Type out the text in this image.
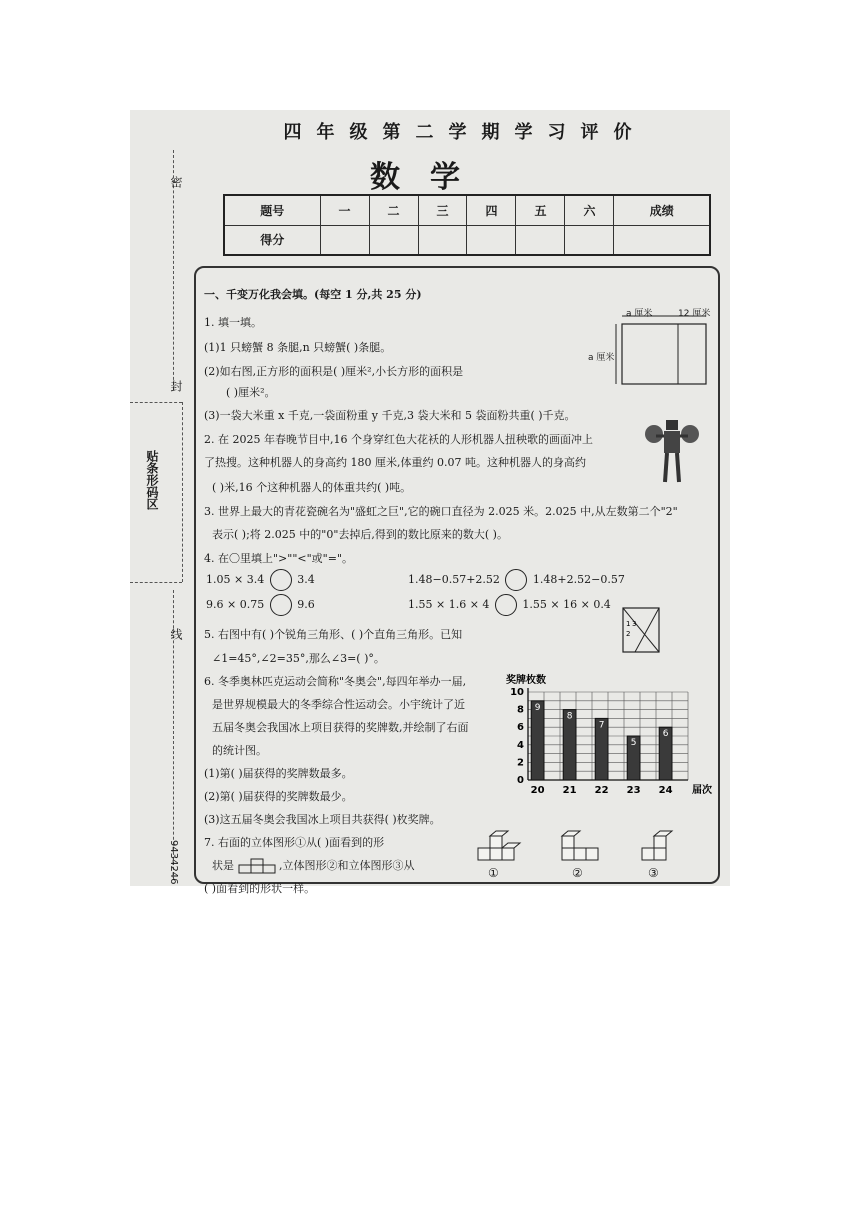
密
封
贴条形码区
线
9434246
四年级第二学期学习评价
数学
题号	一	二	三	四	五	六	成绩
得分							
一、千变万化我会填。(每空 1 分,共 25 分)
1. 填一填。
(1)1 只螃蟹 8 条腿,n 只螃蟹( )条腿。
(2)如右图,正方形的面积是( )厘米²,小长方形的面积是
( )厘米²。
(3)一袋大米重 x 千克,一袋面粉重 y 千克,3 袋大米和 5 袋面粉共重( )千克。
a 厘米	12 厘米
a 厘米
2. 在 2025 年春晚节目中,16 个身穿红色大花袄的人形机器人扭秧歌的画面冲上
了热搜。这种机器人的身高约 180 厘米,体重约 0.07 吨。这种机器人的身高约
( )米,16 个这种机器人的体重共约( )吨。
3. 世界上最大的青花瓷碗名为"盛虹之巨",它的碗口直径为 2.025 米。2.025 中,从左数第二个"2"
表示( );将 2.025 中的"0"去掉后,得到的数比原来的数大( )。
4. 在〇里填上">""<"或"="。
1.05 × 3.4	3.4	1.48−0.57+2.52	1.48+2.52−0.57
9.6 × 0.75	9.6	1.55 × 1.6 × 4	1.55 × 16 × 0.4
5. 右图中有( )个锐角三角形、( )个直角三角形。已知
∠1=45°,∠2=35°,那么∠3=( )°。
1
2
3
6. 冬季奥林匹克运动会简称"冬奥会",每四年举办一届,
是世界规模最大的冬季综合性运动会。小宇统计了近
五届冬奥会我国冰上项目获得的奖牌数,并绘制了右面
的统计图。
(1)第( )届获得的奖牌数最多。
(2)第( )届获得的奖牌数最少。
(3)这五届冬奥会我国冰上项目共获得( )枚奖牌。
0
2
4
6
8
10
9
20
8
21
7
22
5
23
6
24
奖牌枚数
届次
7. 右面的立体图形①从( )面看到的形
状是	,立体图形②和立体图形③从
( )面看到的形状一样。
①	②	③
